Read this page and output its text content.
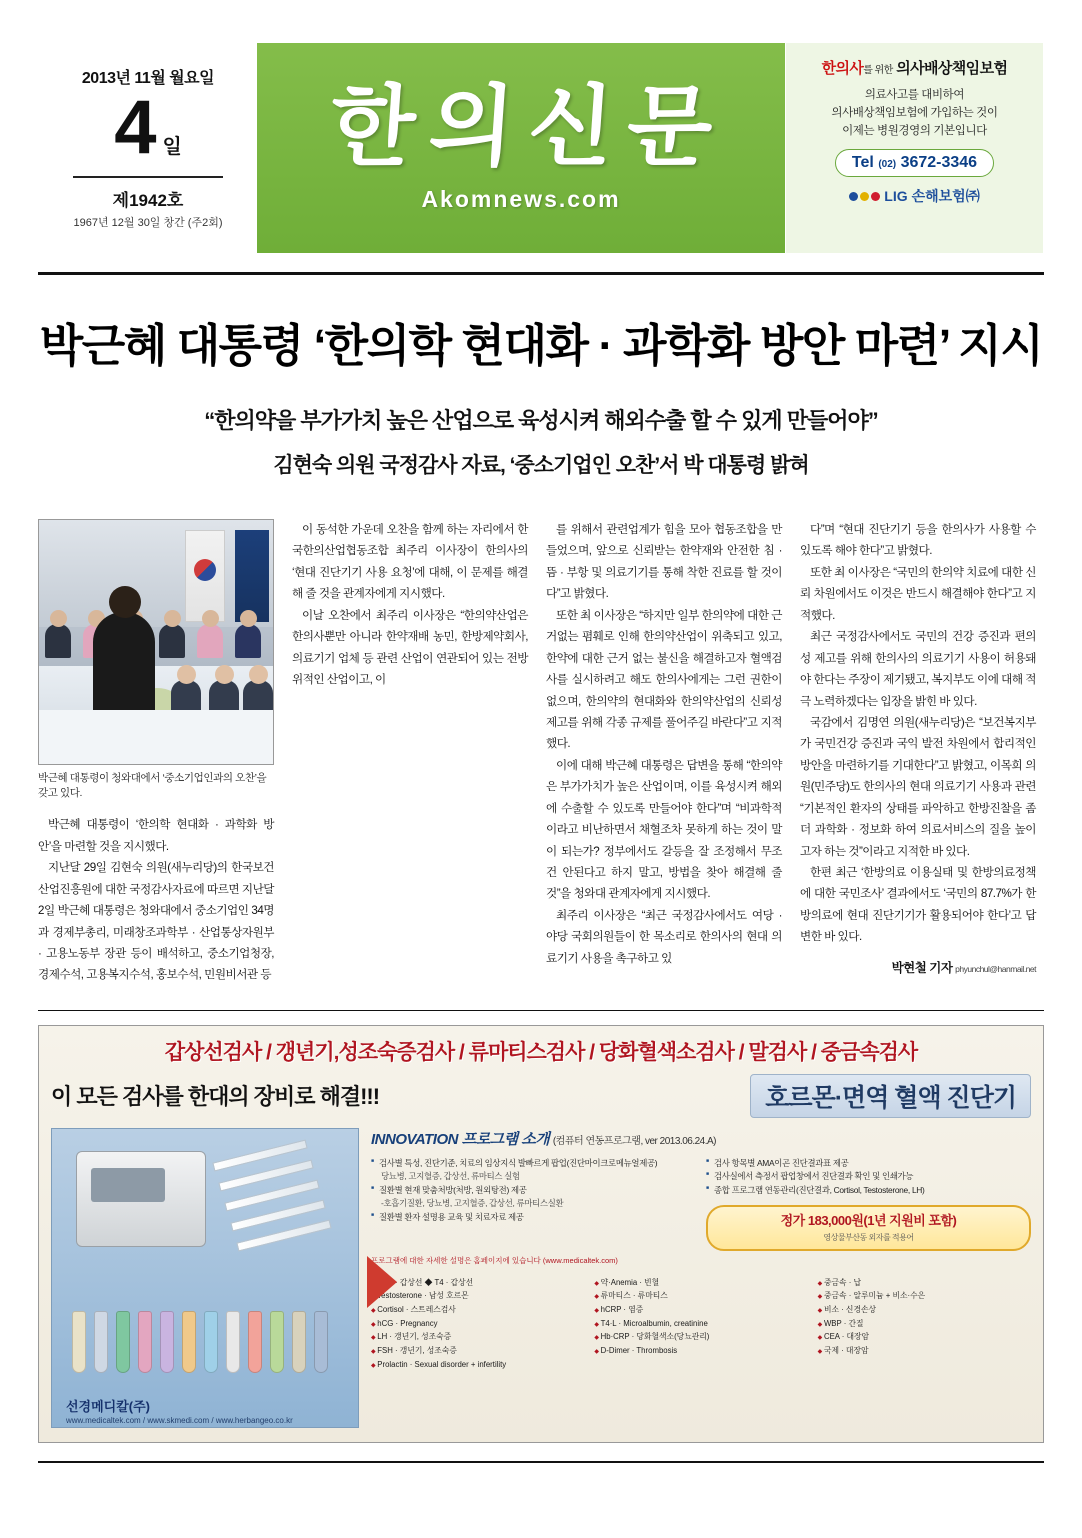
2013년 11월 월요일
4 일
제1942호
1967년 12월 30일 창간 (주2회)
한의신문
Akomnews.com
한의사를 위한 의사배상책임보험
의료사고를 대비하여
의사배상책임보험에 가입하는 것이
이제는 병원경영의 기본입니다
Tel (02) 3672-3346
LIG 손해보험㈜
박근혜 대통령 ‘한의학 현대화 · 과학화 방안 마련’ 지시
“한의약을 부가가치 높은 산업으로 육성시켜 해외수출 할 수 있게 만들어야”
김현숙 의원 국정감사 자료, ‘중소기업인 오찬’서 박 대통령 밝혀
박근혜 대통령이 청와대에서 ‘중소기업인과의 오찬’을 갖고 있다.

박근혜 대통령이 ‘한의학 현대화 · 과학화 방안’을 마련할 것을 지시했다.

지난달 29일 김현숙 의원(새누리당)의 한국보건산업진흥원에 대한 국정감사자료에 따르면 지난달 2일 박근혜 대통령은 청와대에서 중소기업인 34명과 경제부총리, 미래창조과학부 · 산업통상자원부 · 고용노동부 장관 등이 배석하고, 중소기업청장, 경제수석, 고용복지수석, 홍보수석, 민원비서관 등

이 동석한 가운데 오찬을 함께 하는 자리에서 한국한의산업협동조합 최주리 이사장이 한의사의 ‘현대 진단기기 사용 요청’에 대해, 이 문제를 해결해 줄 것을 관계자에게 지시했다.

이날 오찬에서 최주리 이사장은 “한의약산업은 한의사뿐만 아니라 한약재배 농민, 한방제약회사, 의료기기 업체 등 관련 산업이 연관되어 있는 전방위적인 산업이고, 이

를 위해서 관련업계가 힘을 모아 협동조합을 만들었으며, 앞으로 신뢰받는 한약재와 안전한 침 · 뜸 · 부항 및 의료기기를 통해 착한 진료를 할 것이다”고 밝혔다.

또한 최 이사장은 “하지만 일부 한의약에 대한 근거없는 폄훼로 인해 한의약산업이 위축되고 있고, 한약에 대한 근거 없는 불신을 해결하고자 혈액검사를 실시하려고 해도 한의사에게는 그런 권한이 없으며, 한의약의 현대화와 한의약산업의 신뢰성 제고를 위해 각종 규제를 풀어주길 바란다”고 지적했다.

이에 대해 박근혜 대통령은 답변을 통해 “한의약은 부가가치가 높은 산업이며, 이를 육성시켜 해외에 수출할 수 있도록 만들어야 한다”며 “비과학적이라고 비난하면서 채혈조차 못하게 하는 것이 말이 되는가? 정부에서도 갈등을 잘 조정해서 무조건 안된다고 하지 말고, 방법을 찾아 해결해 줄 것”을 청와대 관계자에게 지시했다.

최주리 이사장은 “최근 국정감사에서도 여당 · 야당 국회의원들이 한 목소리로 한의사의 현대 의료기기 사용을 촉구하고 있

다”며 “현대 진단기기 등을 한의사가 사용할 수 있도록 해야 한다”고 밝혔다.

또한 최 이사장은 “국민의 한의약 치료에 대한 신뢰 차원에서도 이것은 반드시 해결해야 한다”고 지적했다.

최근 국정감사에서도 국민의 건강 증진과 편의성 제고를 위해 한의사의 의료기기 사용이 허용돼야 한다는 주장이 제기됐고, 복지부도 이에 대해 적극 노력하겠다는 입장을 밝힌 바 있다.

국감에서 김명연 의원(새누리당)은 “보건복지부가 국민건강 증진과 국익 발전 차원에서 합리적인 방안을 마련하기를 기대한다”고 밝혔고, 이목희 의원(민주당)도 한의사의 현대 의료기기 사용과 관련 “기본적인 환자의 상태를 파악하고 한방진찰을 좀 더 과학화 · 정보화 하여 의료서비스의 질을 높이고자 하는 것”이라고 지적한 바 있다.

한편 최근 ‘한방의료 이용실태 및 한방의료정책에 대한 국민조사’ 결과에서도 ‘국민의 87.7%가 한방의료에 현대 진단기기가 활용되어야 한다’고 답변한 바 있다.

박현철 기자 phyunchul@hanmail.net
갑상선검사 / 갱년기,성조숙증검사 / 류마티스검사 / 당화혈색소검사 / 말검사 / 중금속검사
이 모든 검사를 한대의 장비로 해결!!!	호르몬·면역 혈액 진단기
선경메디칼(주)
www.medicaltek.com / www.skmedi.com / www.herbangeo.co.kr
INNOVATION 프로그램 소개 (컴퓨터 연동프로그램, ver 2013.06.24.A)
■ 검사별 특성, 진단기준, 치료의 임상지식 발빠르게 팝업(진단마이크로메뉴얼제공)
당뇨병, 고지혈증, 갑상선, 류마티스 실험
■ 질환별 현재 맞춤처방(처방, 원외탕전) 제공
-호흡기질환, 당뇨병, 고지혈증, 갑상선, 류마티스실환
■ 질환별 환자 설명용 교육 및 치료자료 제공
■ 검사 항목별 AMA이곤 진단결과표 제공
■ 검사실에서 측정서 팝업창에서 진단결과 확인 및 인쇄가능
■ 종합 프로그램 연동관리(진단결과, Cortisol, Testosterone, LH)
정가 183,000원(1년 지원비 포함)
영상물부산동 외자를 적용어
프로그램에 대한 자세한 설명은 홈페이지에 있습니다 (www.medicaltek.com)
◆ TSH · 갑상선 ◆ T4 · 갑상선
◆ Testosterone · 남성 호르몬
◆ Cortisol · 스트레스검사
◆ hCG · Pregnancy
◆ LH · 갱년기, 성조숙증
◆ FSH · 갱년기, 성조숙증
◆ Prolactin · Sexual disorder + infertility
◆ 약·Anemia · 빈혈
◆ 류마티스 · 류마티스
◆ hCRP · 염증
◆ T4·L · Microalbumin, creatinine
◆ Hb·CRP · 당화혈색소(당뇨관리)
◆ D-Dimer · Thrombosis
◆ 중금속 · 납
◆ 중금속 · 알루미늄 + 비소·수은
◆ 비소 · 신경손상
◆ WBP · 간질
◆ CEA · 대장암
◆ 국제 · 대장암
